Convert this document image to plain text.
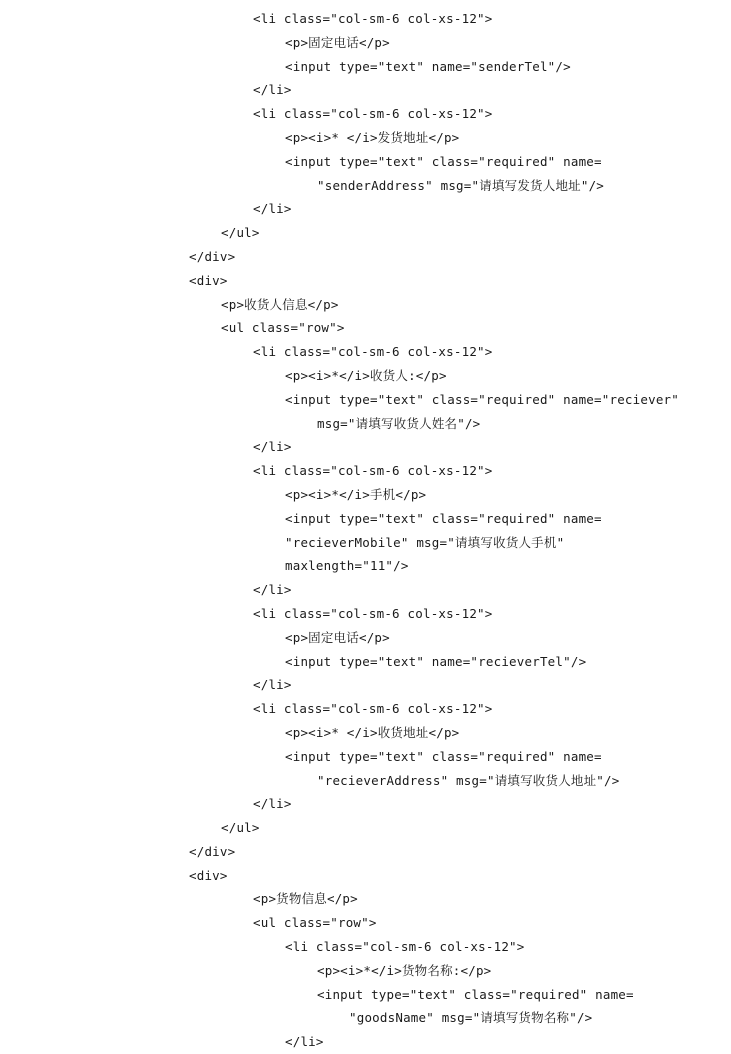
<li class="col-sm-6 col-xs-12">
<p>固定电话</p>
<input type="text" name="senderTel"/>
</li>
<li class="col-sm-6 col-xs-12">
<p><i>* </i>发货地址</p>
<input type="text" class="required" name=
"senderAddress" msg="请填写发货人地址"/>
</li>
</ul>
</div>
<div>
<p>收货人信息</p>
<ul class="row">
<li class="col-sm-6 col-xs-12">
<p><i>*</i>收货人:</p>
<input type="text" class="required" name="reciever"
msg="请填写收货人姓名"/>
</li>
<li class="col-sm-6 col-xs-12">
<p><i>*</i>手机</p>
<input type="text" class="required" name=
"recieverMobile" msg="请填写收货人手机"
maxlength="11"/>
</li>
<li class="col-sm-6 col-xs-12">
<p>固定电话</p>
<input type="text" name="recieverTel"/>
</li>
<li class="col-sm-6 col-xs-12">
<p><i>* </i>收货地址</p>
<input type="text" class="required" name=
"recieverAddress" msg="请填写收货人地址"/>
</li>
</ul>
</div>
<div>
<p>货物信息</p>
<ul class="row">
<li class="col-sm-6 col-xs-12">
<p><i>*</i>货物名称:</p>
<input type="text" class="required" name=
"goodsName" msg="请填写货物名称"/>
</li>
